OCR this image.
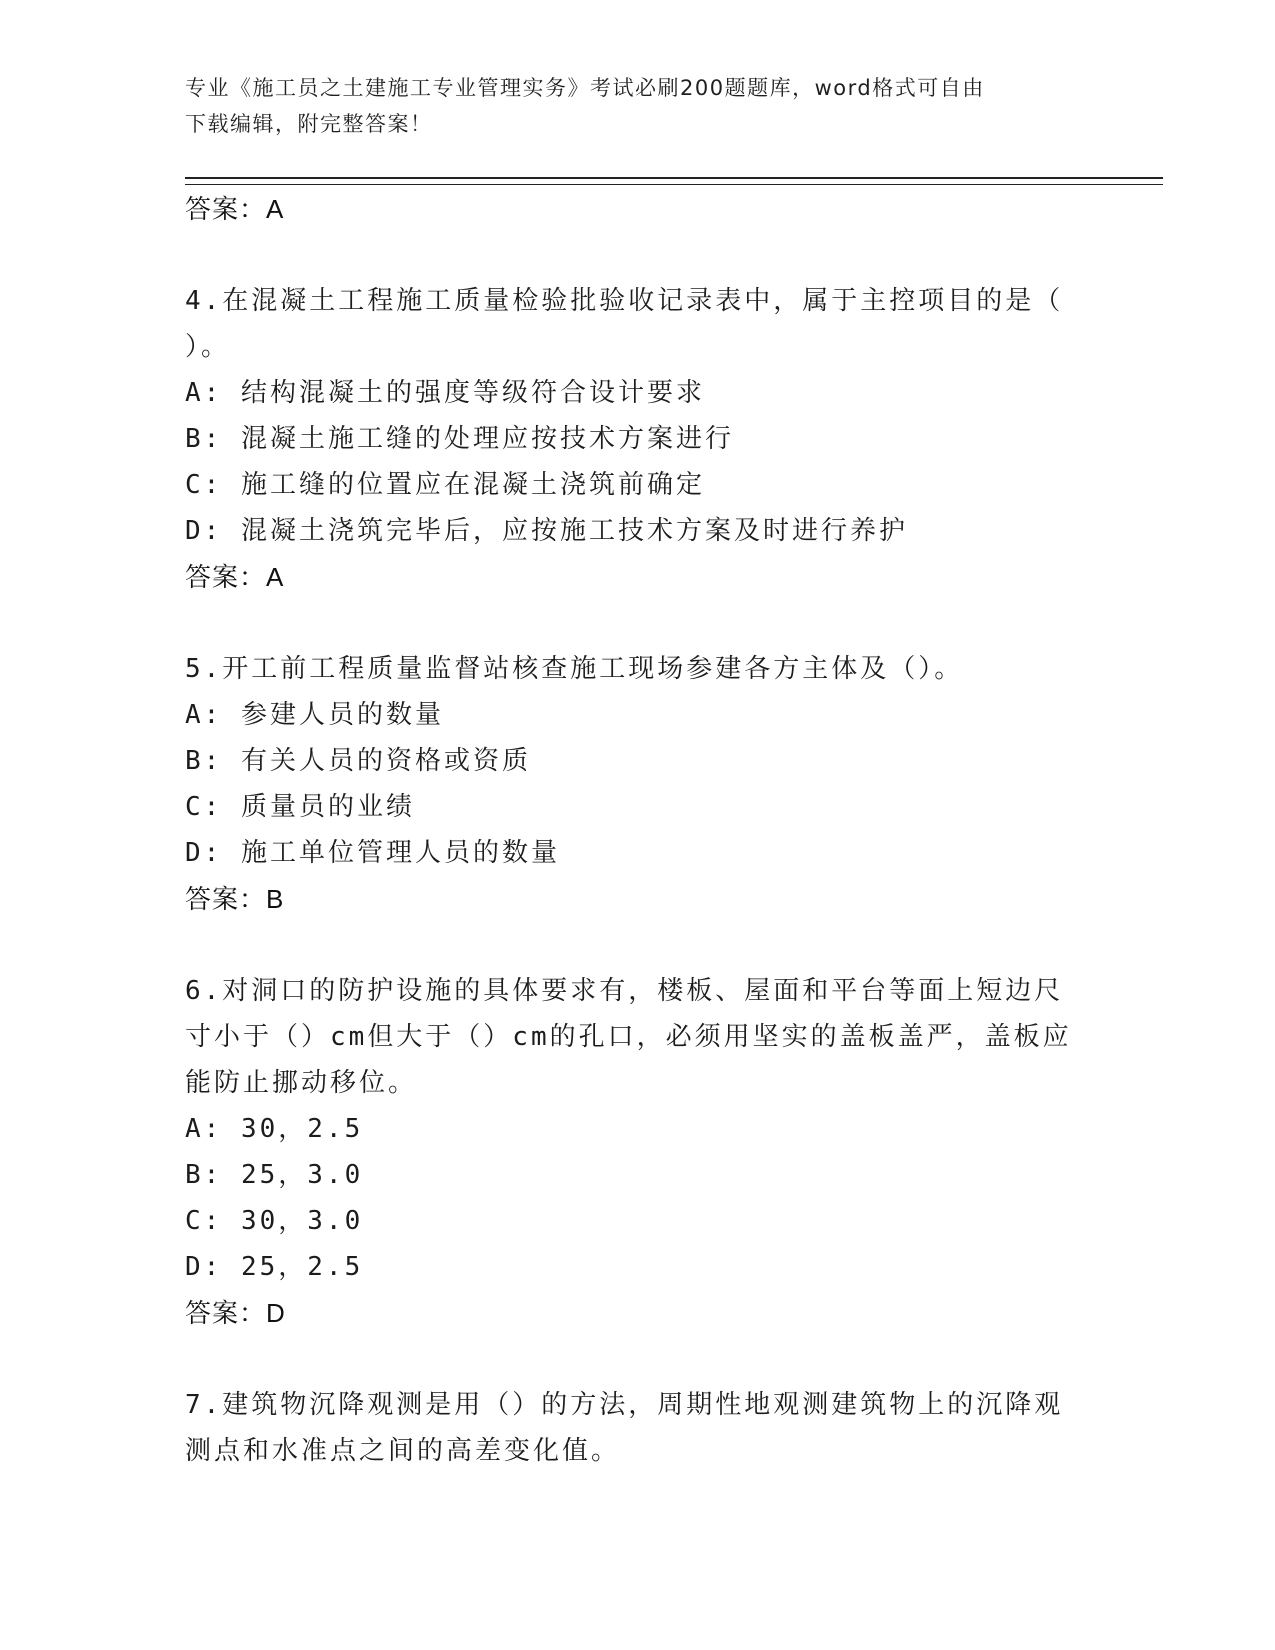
专业《施工员之土建施工专业管理实务》考试必刷200题题库，word格式可自由
下载编辑，附完整答案！
答案：A
4.在混凝土工程施工质量检验批验收记录表中，属于主控项目的是（
）。
A: 结构混凝土的强度等级符合设计要求
B: 混凝土施工缝的处理应按技术方案进行
C: 施工缝的位置应在混凝土浇筑前确定
D: 混凝土浇筑完毕后，应按施工技术方案及时进行养护
答案：A
5.开工前工程质量监督站核查施工现场参建各方主体及（）。
A: 参建人员的数量
B: 有关人员的资格或资质
C: 质量员的业绩
D: 施工单位管理人员的数量
答案：B
6.对洞口的防护设施的具体要求有，楼板、屋面和平台等面上短边尺
寸小于（）cm但大于（）cm的孔口，必须用坚实的盖板盖严，盖板应
能防止挪动移位。
A: 30，2.5
B: 25，3.0
C: 30，3.0
D: 25，2.5
答案：D
7.建筑物沉降观测是用（）的方法，周期性地观测建筑物上的沉降观
测点和水准点之间的高差变化值。
